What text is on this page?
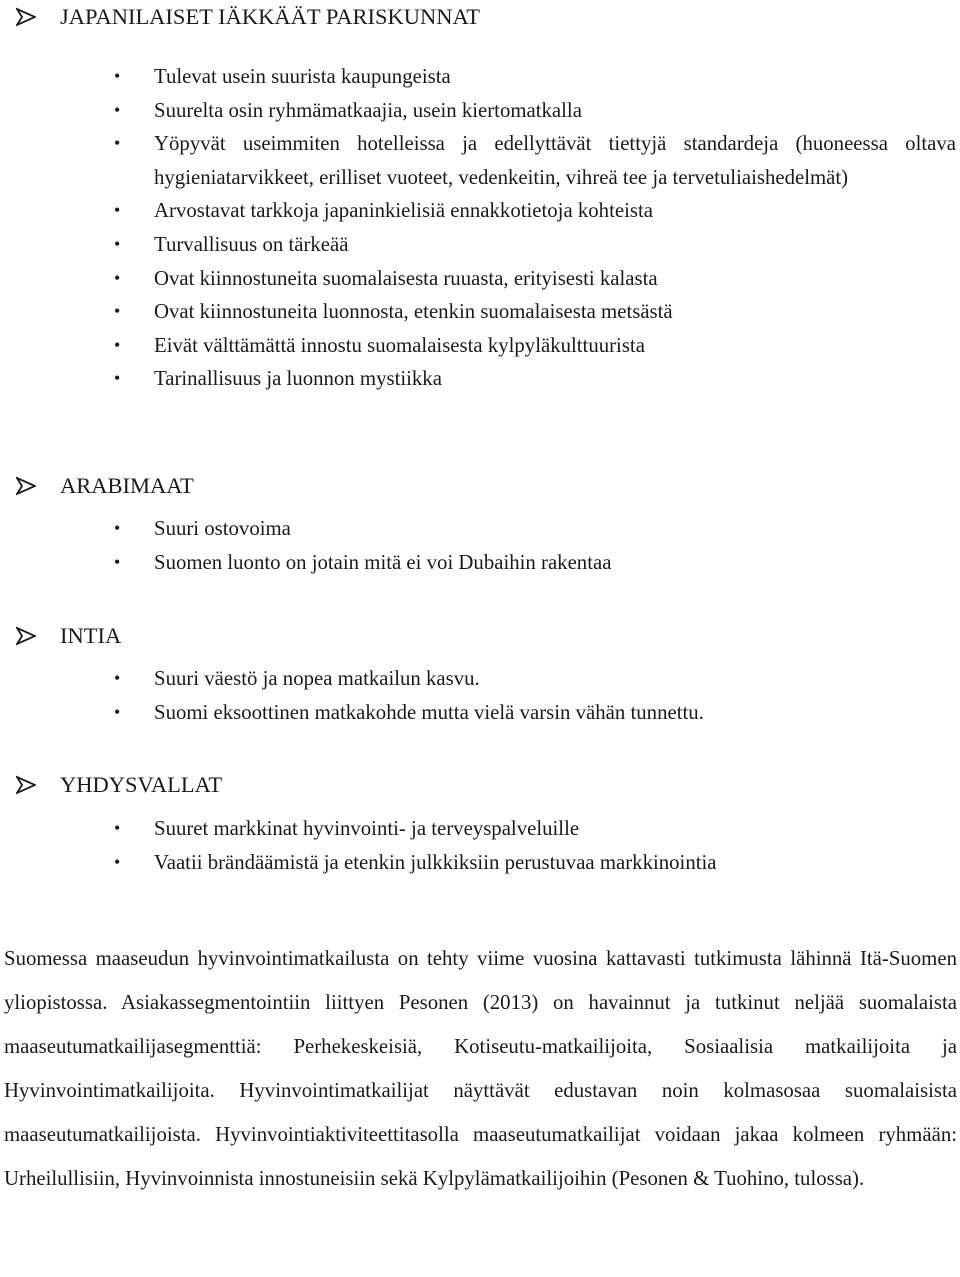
JAPANILAISET IÄKKÄÄT PARISKUNNAT
• Tulevat usein suurista kaupungeista
• Suurelta osin ryhmämatkaajia, usein kiertomatkalla
• Yöpyvät useimmiten hotelleissa ja edellyttävät tiettyjä standardeja (huoneessa oltava hygieniatarvikkeet, erilliset vuoteet, vedenkeitin, vihreä tee ja tervetuliaishedelmät)
• Arvostavat tarkkoja japaninkielisiä ennakkotietoja kohteista
• Turvallisuus on tärkeää
• Ovat kiinnostuneita suomalaisesta ruuasta, erityisesti kalasta
• Ovat kiinnostuneita luonnosta, etenkin suomalaisesta metsästä
• Eivät välttämättä innostu suomalaisesta kylpyläkulttuurista
• Tarinallisuus ja luonnon mystiikka
ARABIMAAT
• Suuri ostovoima
• Suomen luonto on jotain mitä ei voi Dubaihin rakentaa
INTIA
• Suuri väestö ja nopea matkailun kasvu.
• Suomi eksoottinen matkakohde mutta vielä varsin vähän tunnettu.
YHDYSVALLAT
• Suuret markkinat hyvinvointi- ja terveyspalveluille
• Vaatii brändäämistä ja etenkin julkkiksiin perustuvaa markkinointia

Suomessa maaseudun hyvinvointimatkailusta on tehty viime vuosina kattavasti tutkimusta lähinnä Itä-Suomen yliopistossa. Asiakassegmentointiin liittyen Pesonen (2013) on havainnut ja tutkinut neljää suomalaista maaseutumatkailijasegmenttiä: Perhekeskeisiä, Kotiseutu-matkailijoita, Sosiaalisia matkailijoita ja Hyvinvointimatkailijoita. Hyvinvointimatkailijat näyttävät edustavan noin kolmasosaa suomalaisista maaseutumatkailijoista. Hyvinvointiaktiviteettitasolla maaseutumatkailijat voidaan jakaa kolmeen ryhmään: Urheilullisiin, Hyvinvoinnista innostuneisiin sekä Kylpylämatkailijoihin (Pesonen & Tuohino, tulossa).
